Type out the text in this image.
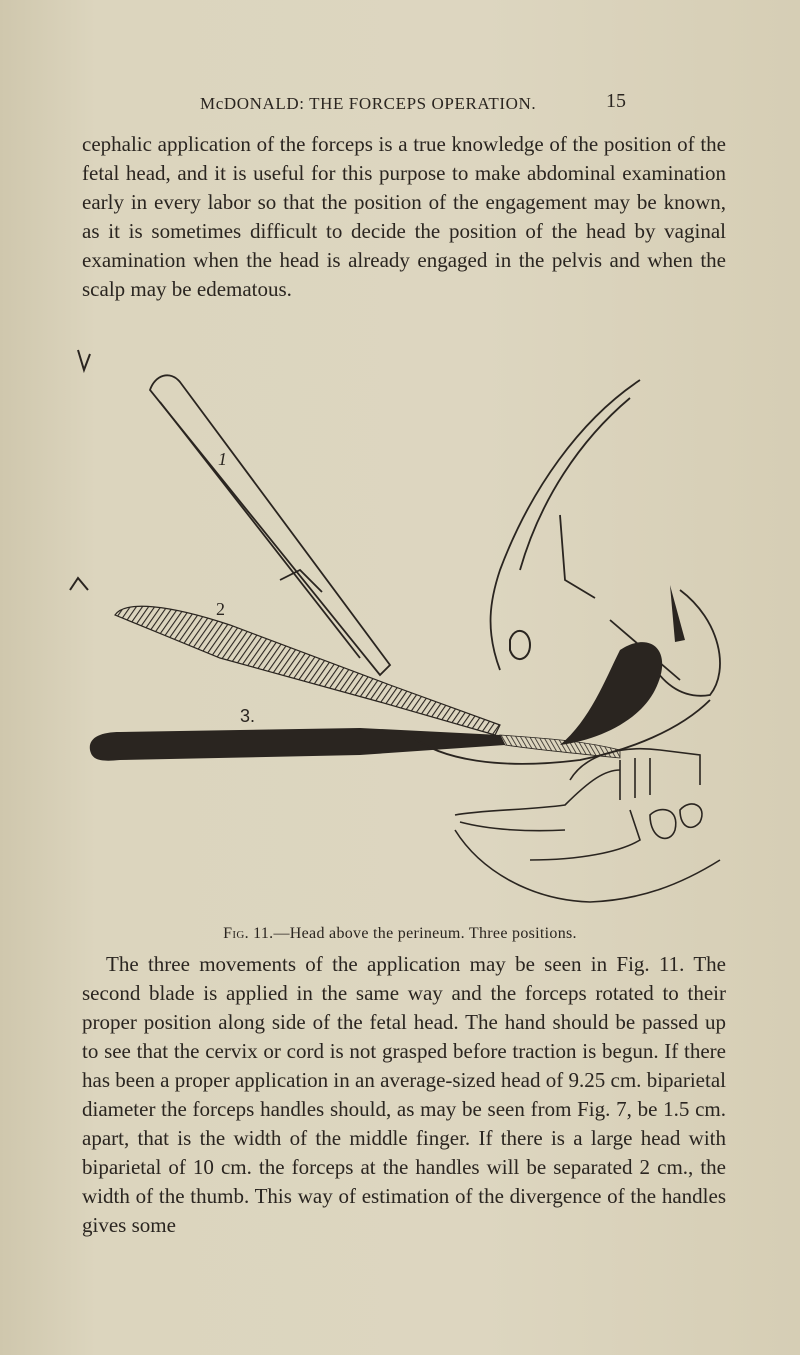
McDONALD: THE FORCEPS OPERATION.	15

cephalic application of the forceps is a true knowledge of the position of the fetal head, and it is useful for this purpose to make abdominal examination early in every labor so that the position of the engagement may be known, as it is sometimes difficult to decide the position of the head by vaginal examination when the head is already engaged in the pelvis and when the scalp may be edematous.

1
2
3.
Fig. 11.—Head above the perineum. Three positions.

The three movements of the application may be seen in Fig. 11. The second blade is applied in the same way and the forceps rotated to their proper position along side of the fetal head. The hand should be passed up to see that the cervix or cord is not grasped before traction is begun. If there has been a proper application in an average-sized head of 9.25 cm. biparietal diameter the forceps handles should, as may be seen from Fig. 7, be 1.5 cm. apart, that is the width of the middle finger. If there is a large head with biparietal of 10 cm. the forceps at the handles will be separated 2 cm., the width of the thumb. This way of estimation of the divergence of the handles gives some
